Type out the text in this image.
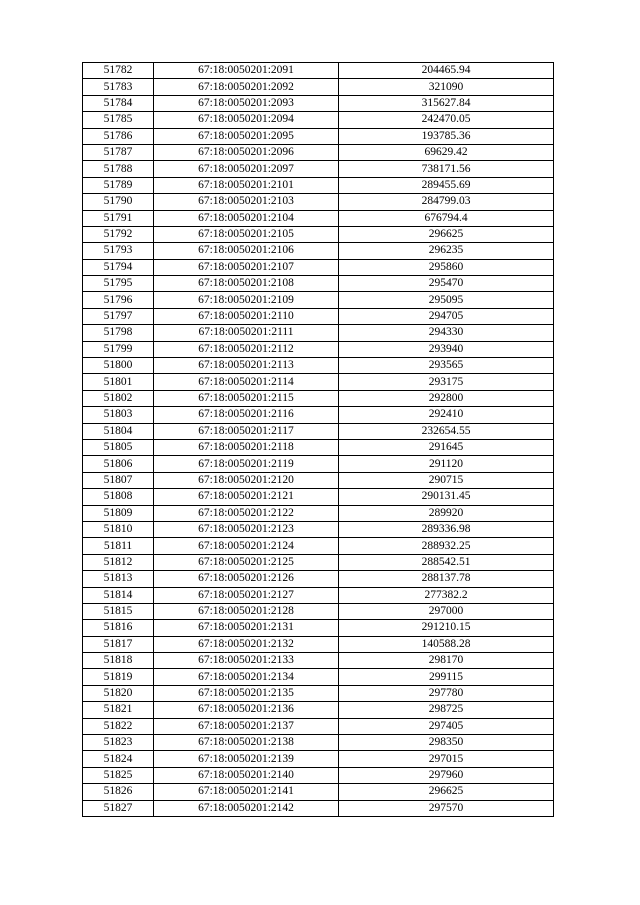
51782	67:18:0050201:2091	204465.94
51783	67:18:0050201:2092	321090
51784	67:18:0050201:2093	315627.84
51785	67:18:0050201:2094	242470.05
51786	67:18:0050201:2095	193785.36
51787	67:18:0050201:2096	69629.42
51788	67:18:0050201:2097	738171.56
51789	67:18:0050201:2101	289455.69
51790	67:18:0050201:2103	284799.03
51791	67:18:0050201:2104	676794.4
51792	67:18:0050201:2105	296625
51793	67:18:0050201:2106	296235
51794	67:18:0050201:2107	295860
51795	67:18:0050201:2108	295470
51796	67:18:0050201:2109	295095
51797	67:18:0050201:2110	294705
51798	67:18:0050201:2111	294330
51799	67:18:0050201:2112	293940
51800	67:18:0050201:2113	293565
51801	67:18:0050201:2114	293175
51802	67:18:0050201:2115	292800
51803	67:18:0050201:2116	292410
51804	67:18:0050201:2117	232654.55
51805	67:18:0050201:2118	291645
51806	67:18:0050201:2119	291120
51807	67:18:0050201:2120	290715
51808	67:18:0050201:2121	290131.45
51809	67:18:0050201:2122	289920
51810	67:18:0050201:2123	289336.98
51811	67:18:0050201:2124	288932.25
51812	67:18:0050201:2125	288542.51
51813	67:18:0050201:2126	288137.78
51814	67:18:0050201:2127	277382.2
51815	67:18:0050201:2128	297000
51816	67:18:0050201:2131	291210.15
51817	67:18:0050201:2132	140588.28
51818	67:18:0050201:2133	298170
51819	67:18:0050201:2134	299115
51820	67:18:0050201:2135	297780
51821	67:18:0050201:2136	298725
51822	67:18:0050201:2137	297405
51823	67:18:0050201:2138	298350
51824	67:18:0050201:2139	297015
51825	67:18:0050201:2140	297960
51826	67:18:0050201:2141	296625
51827	67:18:0050201:2142	297570
